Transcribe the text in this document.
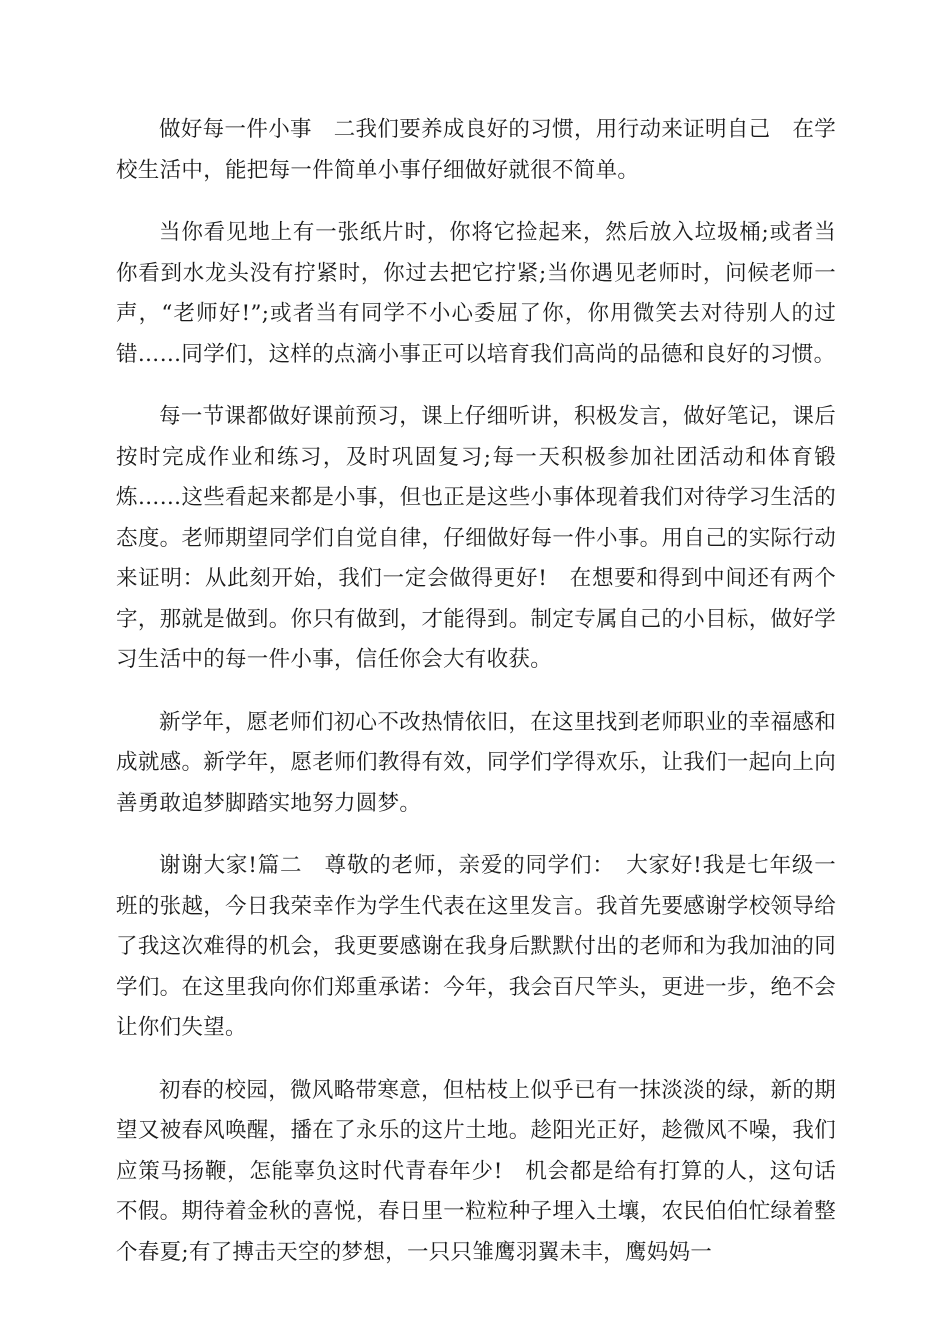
做好每一件小事　二我们要养成良好的习惯，用行动来证明自己　在学校生活中，能把每一件简单小事仔细做好就很不简单。

当你看见地上有一张纸片时，你将它捡起来，然后放入垃圾桶;或者当你看到水龙头没有拧紧时，你过去把它拧紧;当你遇见老师时，问候老师一声，“老师好!”;或者当有同学不小心委屈了你，你用微笑去对待别人的过错……同学们，这样的点滴小事正可以培育我们高尚的品德和良好的习惯。

每一节课都做好课前预习，课上仔细听讲，积极发言，做好笔记，课后按时完成作业和练习，及时巩固复习;每一天积极参加社团活动和体育锻炼……这些看起来都是小事，但也正是这些小事体现着我们对待学习生活的态度。老师期望同学们自觉自律，仔细做好每一件小事。用自己的实际行动来证明：从此刻开始，我们一定会做得更好!　在想要和得到中间还有两个字，那就是做到。你只有做到，才能得到。制定专属自己的小目标，做好学习生活中的每一件小事，信任你会大有收获。

新学年，愿老师们初心不改热情依旧，在这里找到老师职业的幸福感和成就感。新学年，愿老师们教得有效，同学们学得欢乐，让我们一起向上向善勇敢追梦脚踏实地努力圆梦。

谢谢大家!篇二　尊敬的老师，亲爱的同学们：　大家好!我是七年级一班的张越，今日我荣幸作为学生代表在这里发言。我首先要感谢学校领导给了我这次难得的机会，我更要感谢在我身后默默付出的老师和为我加油的同学们。在这里我向你们郑重承诺：今年，我会百尺竿头，更进一步，绝不会让你们失望。

初春的校园，微风略带寒意，但枯枝上似乎已有一抹淡淡的绿，新的期望又被春风唤醒，播在了永乐的这片土地。趁阳光正好，趁微风不噪，我们应策马扬鞭，怎能辜负这时代青春年少!　机会都是给有打算的人，这句话不假。期待着金秋的喜悦，春日里一粒粒种子埋入土壤，农民伯伯忙绿着整个春夏;有了搏击天空的梦想，一只只雏鹰羽翼未丰，鹰妈妈一
